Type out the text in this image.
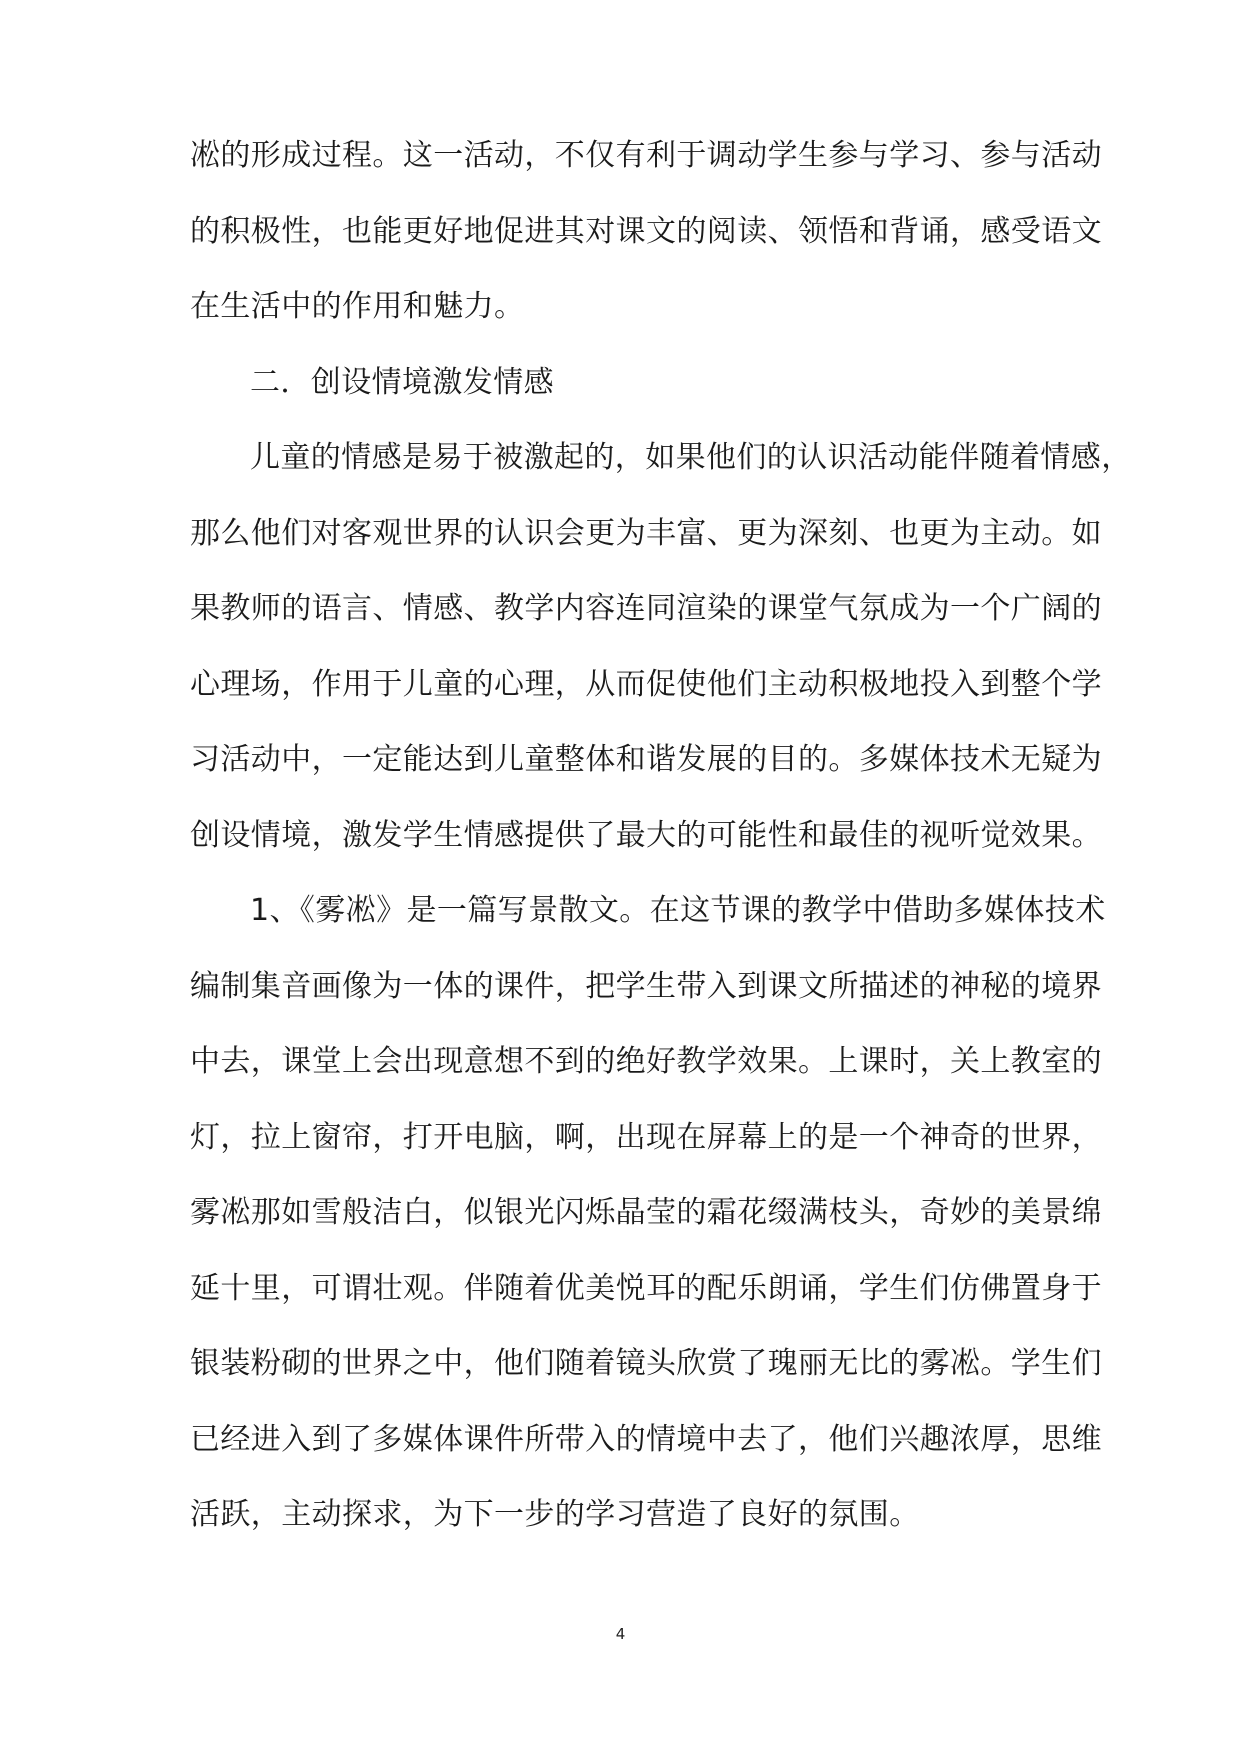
凇的形成过程。这一活动，不仅有利于调动学生参与学习、参与活动
的积极性，也能更好地促进其对课文的阅读、领悟和背诵，感受语文
在生活中的作用和魅力。
二．创设情境激发情感
儿童的情感是易于被激起的，如果他们的认识活动能伴随着情感，
那么他们对客观世界的认识会更为丰富、更为深刻、也更为主动。如
果教师的语言、情感、教学内容连同渲染的课堂气氛成为一个广阔的
心理场，作用于儿童的心理，从而促使他们主动积极地投入到整个学
习活动中，一定能达到儿童整体和谐发展的目的。多媒体技术无疑为
创设情境，激发学生情感提供了最大的可能性和最佳的视听觉效果。
1、《雾凇》是一篇写景散文。在这节课的教学中借助多媒体技术
编制集音画像为一体的课件，把学生带入到课文所描述的神秘的境界
中去，课堂上会出现意想不到的绝好教学效果。上课时，关上教室的
灯，拉上窗帘，打开电脑，啊，出现在屏幕上的是一个神奇的世界，
雾凇那如雪般洁白，似银光闪烁晶莹的霜花缀满枝头，奇妙的美景绵
延十里，可谓壮观。伴随着优美悦耳的配乐朗诵，学生们仿佛置身于
银装粉砌的世界之中，他们随着镜头欣赏了瑰丽无比的雾凇。学生们
已经进入到了多媒体课件所带入的情境中去了，他们兴趣浓厚，思维
活跃，主动探求，为下一步的学习营造了良好的氛围。
4
